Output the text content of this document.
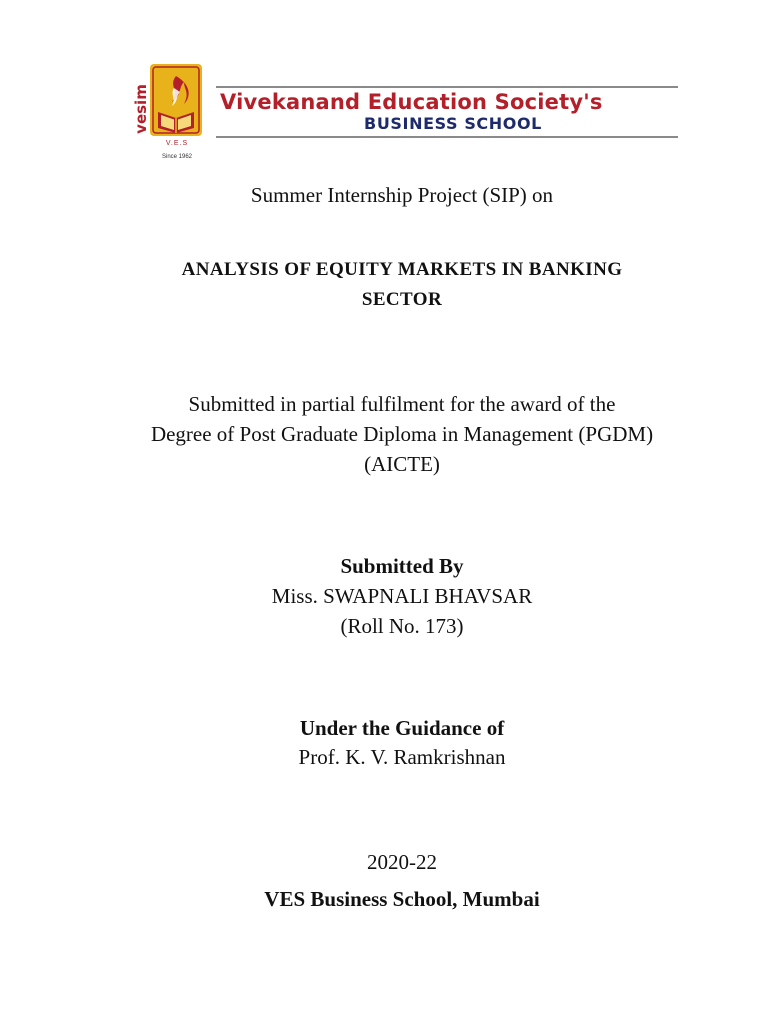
vesim
V.E.S
Since 1962
Vivekanand Education Society's
BUSINESS SCHOOL
Summer Internship Project (SIP) on
ANALYSIS OF EQUITY MARKETS IN BANKING
SECTOR
Submitted in partial fulfilment for the award of the
Degree of Post Graduate Diploma in Management (PGDM)
(AICTE)
Submitted By
Miss. SWAPNALI BHAVSAR
(Roll No. 173)
Under the Guidance of
Prof. K. V. Ramkrishnan
2020-22
VES Business School, Mumbai
